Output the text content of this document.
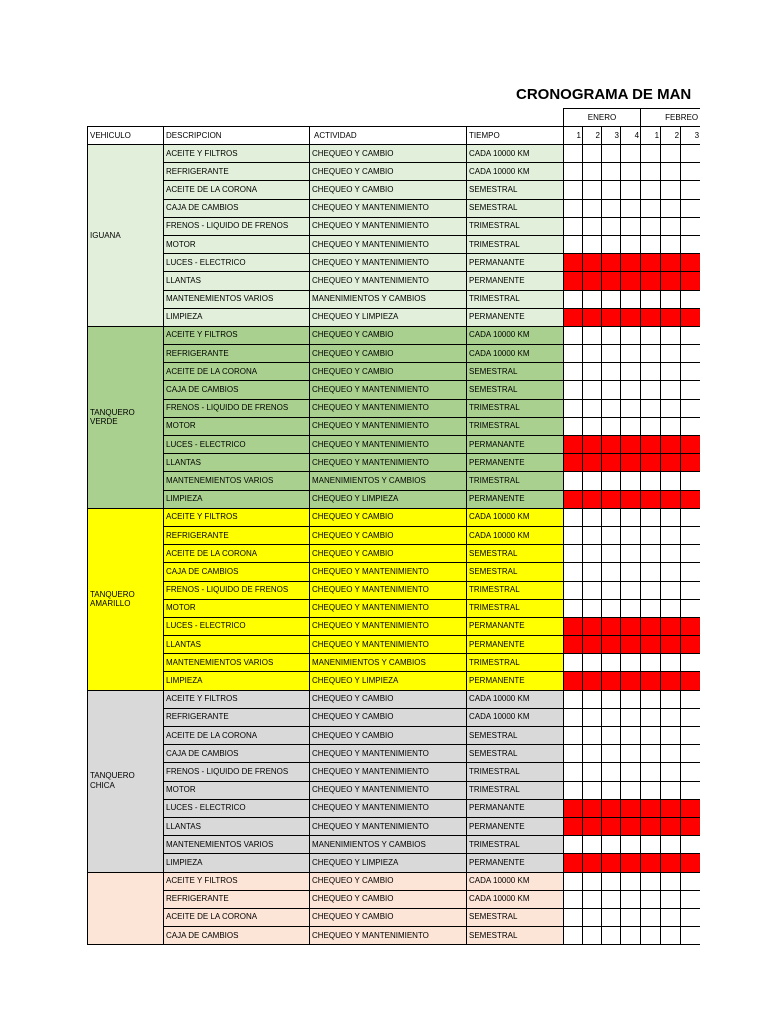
CRONOGRAMA DE MAN
				ENERO				FEBREO		
VEHICULO	DESCRIPCION	ACTIVIDAD	TIEMPO	1	2	3	4	1	2	3
IGUANA	ACEITE Y FILTROS	CHEQUEO Y CAMBIO	CADA 10000 KM							
	REFRIGERANTE	CHEQUEO Y CAMBIO	CADA 10000 KM							
	ACEITE DE LA CORONA	CHEQUEO Y CAMBIO	SEMESTRAL							
	CAJA DE CAMBIOS	CHEQUEO Y MANTENIMIENTO	SEMESTRAL							
	FRENOS - LIQUIDO DE FRENOS	CHEQUEO Y MANTENIMIENTO	TRIMESTRAL							
	MOTOR	CHEQUEO Y MANTENIMIENTO	TRIMESTRAL							
	LUCES - ELECTRICO	CHEQUEO Y MANTENIMIENTO	PERMANANTE							
	LLANTAS	CHEQUEO Y MANTENIMIENTO	PERMANENTE							
	MANTENEMIENTOS VARIOS	MANENIMIENTOS Y CAMBIOS	TRIMESTRAL							
	LIMPIEZA	CHEQUEO Y LIMPIEZA	PERMANENTE							
TANQUERO VERDE	ACEITE Y FILTROS	CHEQUEO Y CAMBIO	CADA 10000 KM							
	REFRIGERANTE	CHEQUEO Y CAMBIO	CADA 10000 KM							
	ACEITE DE LA CORONA	CHEQUEO Y CAMBIO	SEMESTRAL							
	CAJA DE CAMBIOS	CHEQUEO Y MANTENIMIENTO	SEMESTRAL							
	FRENOS - LIQUIDO DE FRENOS	CHEQUEO Y MANTENIMIENTO	TRIMESTRAL							
	MOTOR	CHEQUEO Y MANTENIMIENTO	TRIMESTRAL							
	LUCES - ELECTRICO	CHEQUEO Y MANTENIMIENTO	PERMANANTE							
	LLANTAS	CHEQUEO Y MANTENIMIENTO	PERMANENTE							
	MANTENEMIENTOS VARIOS	MANENIMIENTOS Y CAMBIOS	TRIMESTRAL							
	LIMPIEZA	CHEQUEO Y LIMPIEZA	PERMANENTE							
TANQUERO AMARILLO	ACEITE Y FILTROS	CHEQUEO Y CAMBIO	CADA 10000 KM							
	REFRIGERANTE	CHEQUEO Y CAMBIO	CADA 10000 KM							
	ACEITE DE LA CORONA	CHEQUEO Y CAMBIO	SEMESTRAL							
	CAJA DE CAMBIOS	CHEQUEO Y MANTENIMIENTO	SEMESTRAL							
	FRENOS - LIQUIDO DE FRENOS	CHEQUEO Y MANTENIMIENTO	TRIMESTRAL							
	MOTOR	CHEQUEO Y MANTENIMIENTO	TRIMESTRAL							
	LUCES - ELECTRICO	CHEQUEO Y MANTENIMIENTO	PERMANANTE							
	LLANTAS	CHEQUEO Y MANTENIMIENTO	PERMANENTE							
	MANTENEMIENTOS VARIOS	MANENIMIENTOS Y CAMBIOS	TRIMESTRAL							
	LIMPIEZA	CHEQUEO Y LIMPIEZA	PERMANENTE							
TANQUERO CHICA	ACEITE Y FILTROS	CHEQUEO Y CAMBIO	CADA 10000 KM							
	REFRIGERANTE	CHEQUEO Y CAMBIO	CADA 10000 KM							
	ACEITE DE LA CORONA	CHEQUEO Y CAMBIO	SEMESTRAL							
	CAJA DE CAMBIOS	CHEQUEO Y MANTENIMIENTO	SEMESTRAL							
	FRENOS - LIQUIDO DE FRENOS	CHEQUEO Y MANTENIMIENTO	TRIMESTRAL							
	MOTOR	CHEQUEO Y MANTENIMIENTO	TRIMESTRAL							
	LUCES - ELECTRICO	CHEQUEO Y MANTENIMIENTO	PERMANANTE							
	LLANTAS	CHEQUEO Y MANTENIMIENTO	PERMANENTE							
	MANTENEMIENTOS VARIOS	MANENIMIENTOS Y CAMBIOS	TRIMESTRAL							
	LIMPIEZA	CHEQUEO Y LIMPIEZA	PERMANENTE							
	ACEITE Y FILTROS	CHEQUEO Y CAMBIO	CADA 10000 KM							
	REFRIGERANTE	CHEQUEO Y CAMBIO	CADA 10000 KM							
	ACEITE DE LA CORONA	CHEQUEO Y CAMBIO	SEMESTRAL							
	CAJA DE CAMBIOS	CHEQUEO Y MANTENIMIENTO	SEMESTRAL							
